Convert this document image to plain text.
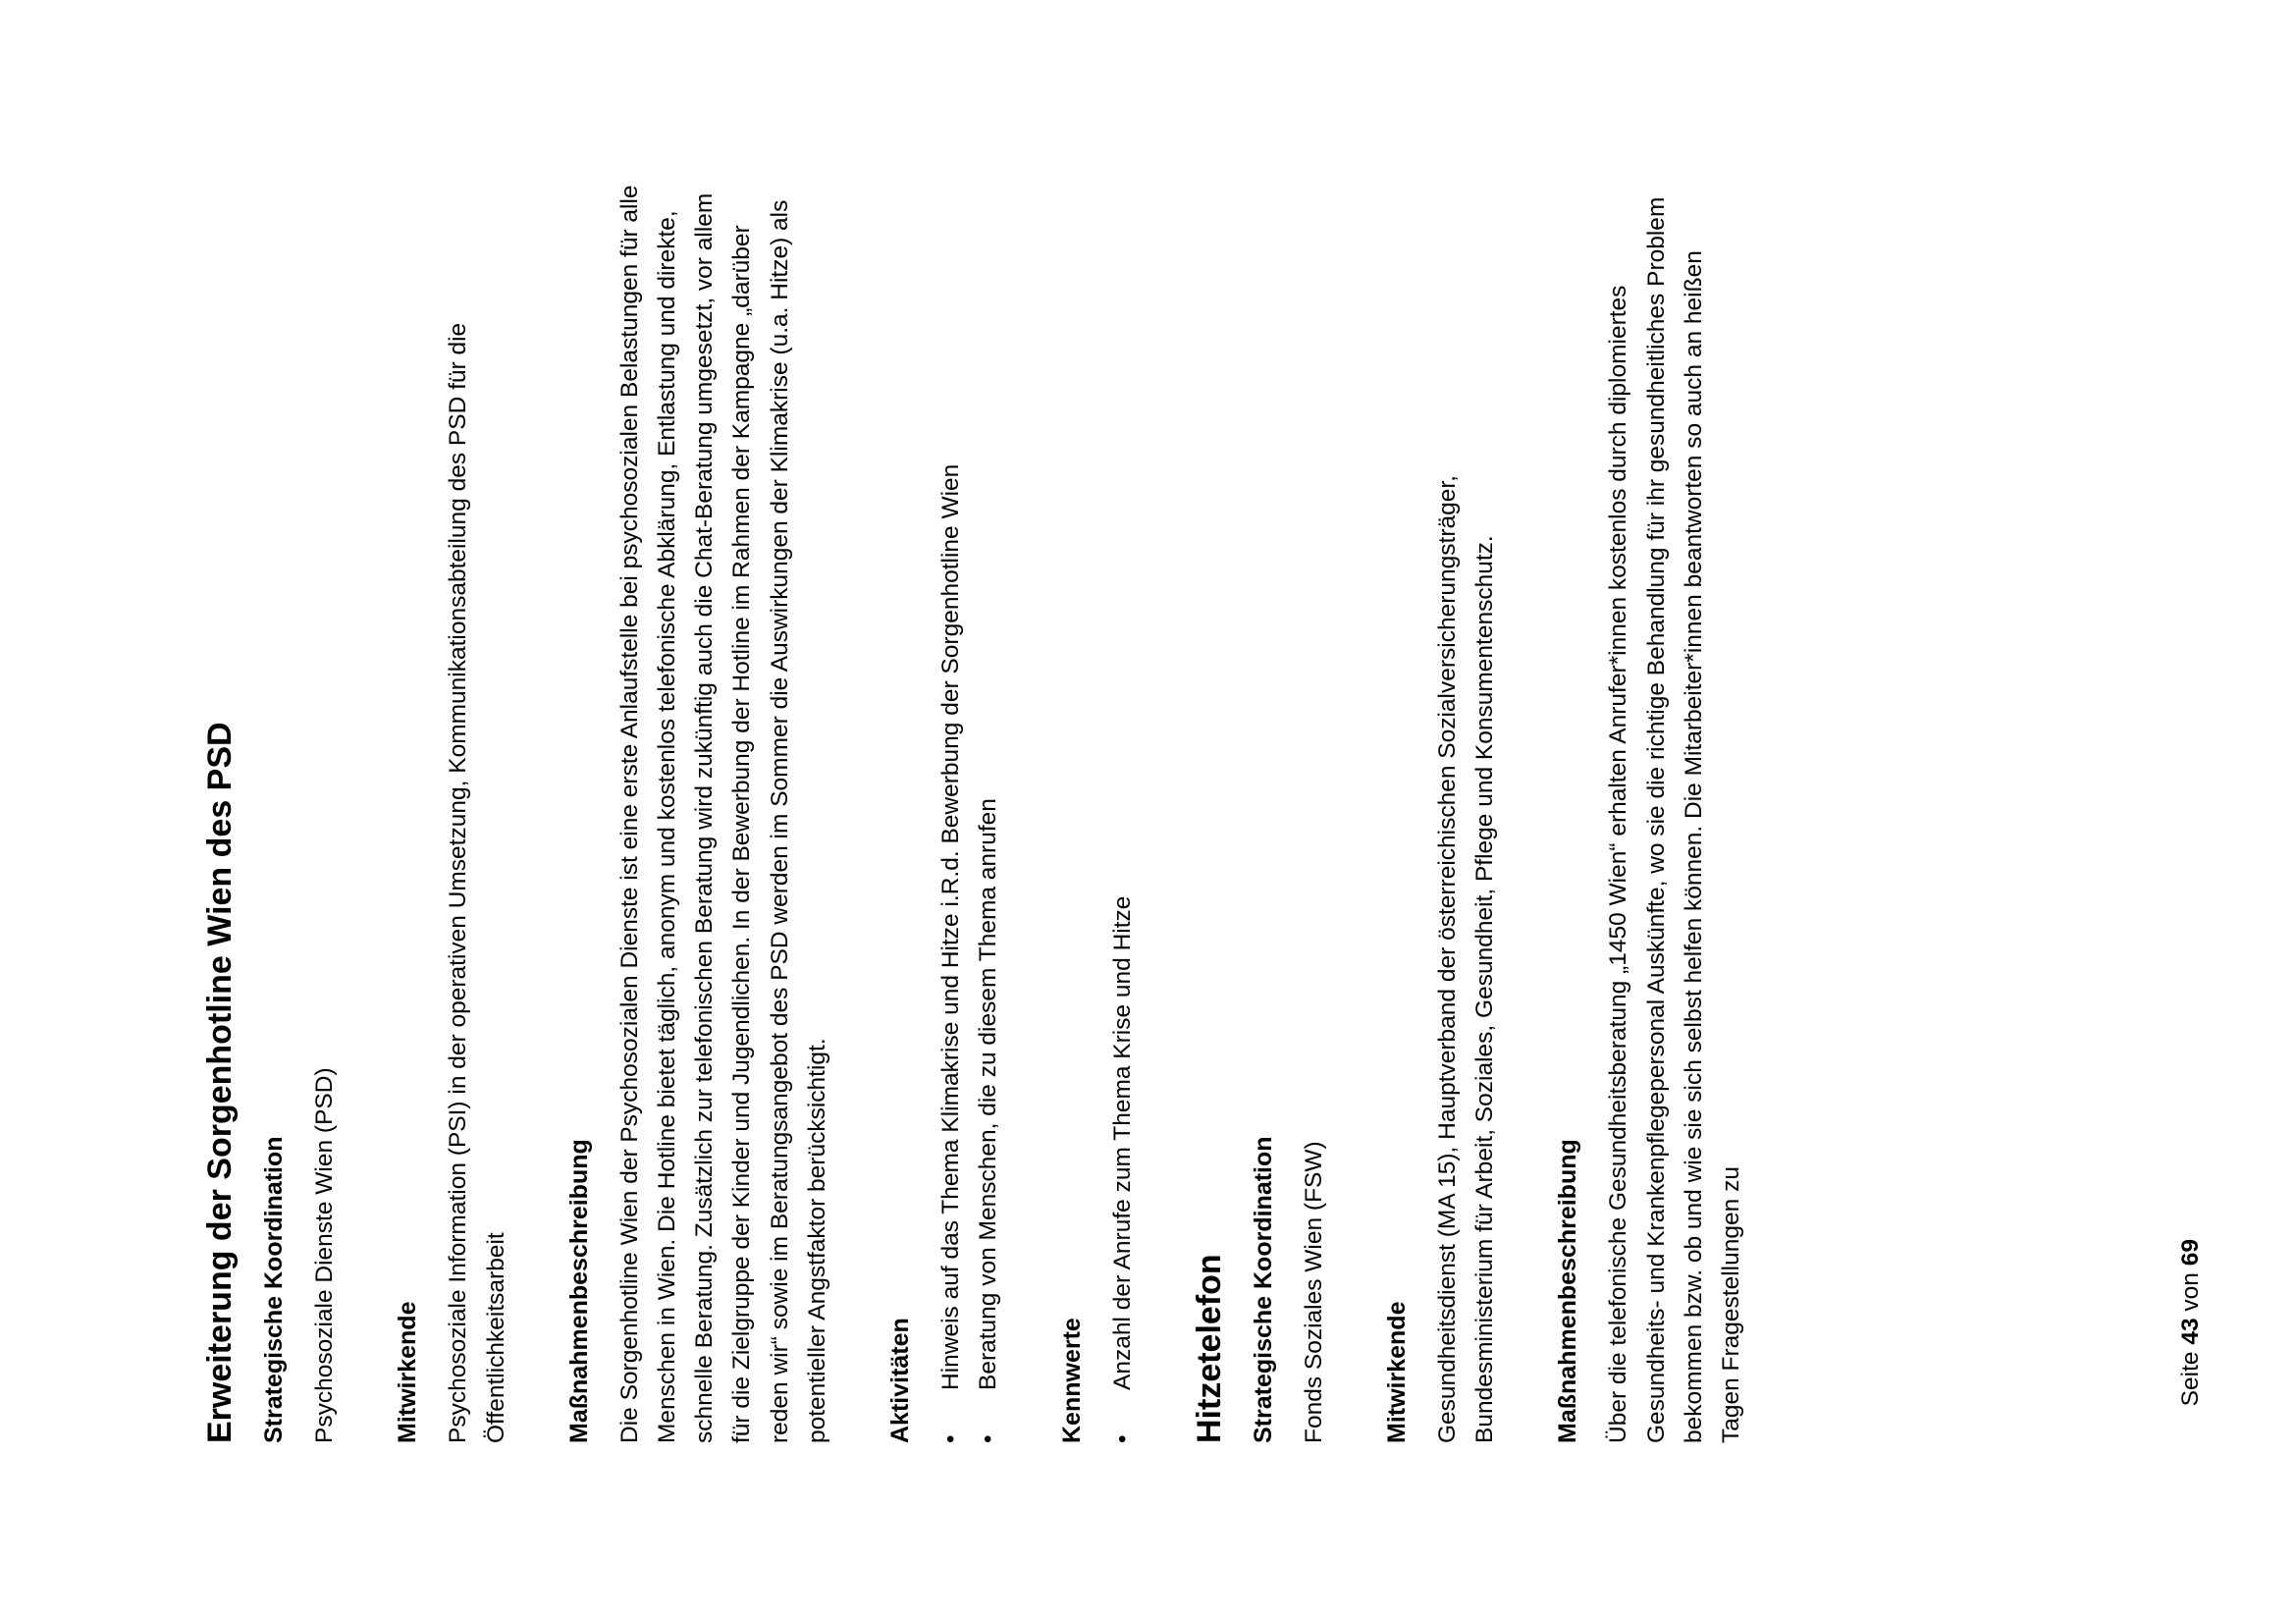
Erweiterung der Sorgenhotline Wien des PSD Strategische Koordination Psychosoziale Dienste Wien (PSD) Mitwirkende Psychosoziale Information (PSI) in der operativen Umsetzung, Kommunikationsabteilung des PSD für die Öffentlichkeitsarbeit Maßnahmenbeschreibung Die Sorgenhotline Wien der Psychosozialen Dienste ist eine erste Anlaufstelle bei psychosozialen Belastungen für alle Menschen in Wien. Die Hotline bietet täglich, anonym und kostenlos telefonische Abklärung, Entlastung und direkte, schnelle Beratung. Zusätzlich zur telefonischen Beratung wird zukünftig auch die Chat-Beratung umgesetzt, vor allem für die Zielgruppe der Kinder und Jugendlichen. In der Bewerbung der Hotline im Rahmen der Kampagne „darüber reden wir“ sowie im Beratungsangebot des PSD werden im Sommer die Auswirkungen der Klimakrise (u.a. Hitze) als potentieller Angstfaktor berücksichtigt. Aktivitäten • Hinweis auf das Thema Klimakrise und Hitze i.R.d. Bewerbung der Sorgenhotline Wien • Beratung von Menschen, die zu diesem Thema anrufen Kennwerte • Anzahl der Anrufe zum Thema Krise und Hitze Hitzetelefon Strategische Koordination Fonds Soziales Wien (FSW) Mitwirkende Gesundheitsdienst (MA 15), Hauptverband der österreichischen Sozialversicherungsträger, Bundesministerium für Arbeit, Soziales, Gesundheit, Pflege und Konsumentenschutz. Maßnahmenbeschreibung Über die telefonische Gesundheitsberatung „1450 Wien“ erhalten Anrufer*innen kostenlos durch diplomiertes Gesundheits- und Krankenpflegepersonal Auskünfte, wo sie die richtige Behandlung für ihr gesundheitliches Problem bekommen bzw. ob und wie sie sich selbst helfen können. Die Mitarbeiter*innen beantworten so auch an heißen Tagen Fragestellungen zu	Seite 43 von 69
